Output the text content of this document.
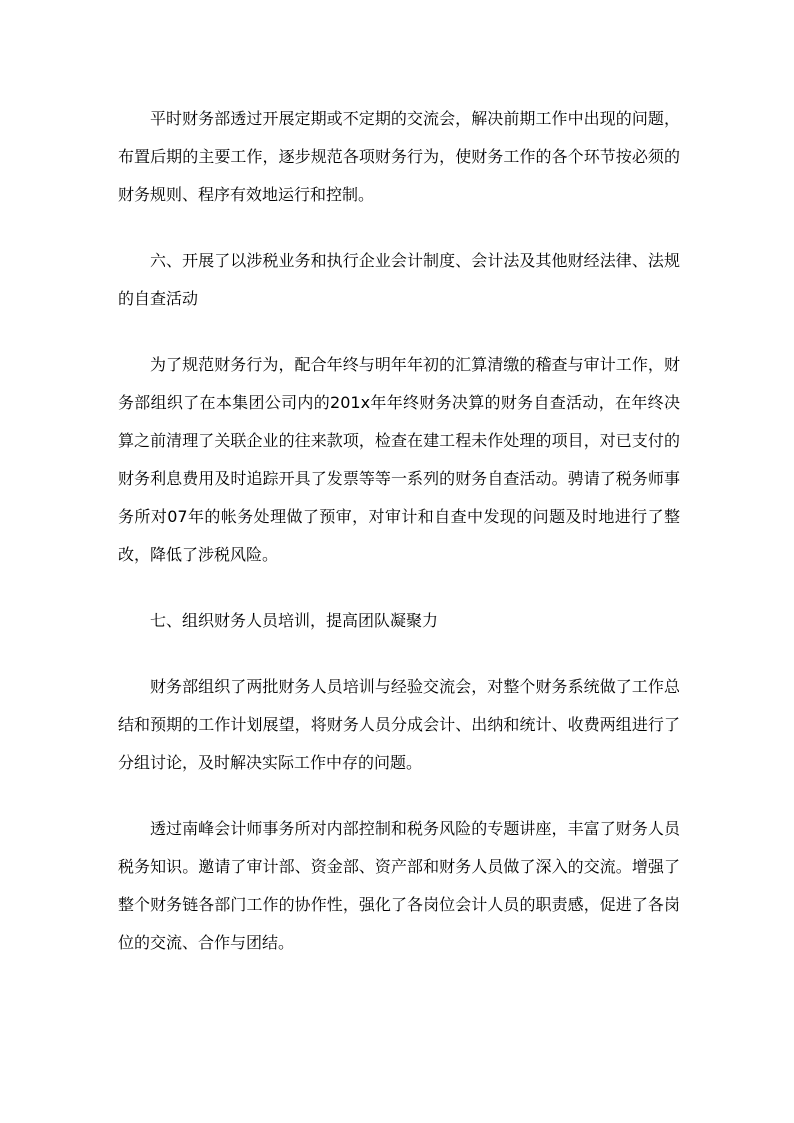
平时财务部透过开展定期或不定期的交流会，解决前期工作中出现的问题，布置后期的主要工作，逐步规范各项财务行为，使财务工作的各个环节按必须的财务规则、程序有效地运行和控制。

六、开展了以涉税业务和执行企业会计制度、会计法及其他财经法律、法规的自查活动

为了规范财务行为，配合年终与明年年初的汇算清缴的稽查与审计工作，财务部组织了在本集团公司内的201x年年终财务决算的财务自查活动，在年终决算之前清理了关联企业的往来款项，检查在建工程未作处理的项目，对已支付的财务利息费用及时追踪开具了发票等等一系列的财务自查活动。骋请了税务师事务所对07年的帐务处理做了预审，对审计和自查中发现的问题及时地进行了整改，降低了涉税风险。

七、组织财务人员培训，提高团队凝聚力

财务部组织了两批财务人员培训与经验交流会，对整个财务系统做了工作总结和预期的工作计划展望，将财务人员分成会计、出纳和统计、收费两组进行了分组讨论，及时解决实际工作中存的问题。

透过南峰会计师事务所对内部控制和税务风险的专题讲座，丰富了财务人员税务知识。邀请了审计部、资金部、资产部和财务人员做了深入的交流。增强了整个财务链各部门工作的协作性，强化了各岗位会计人员的职责感，促进了各岗位的交流、合作与团结。
